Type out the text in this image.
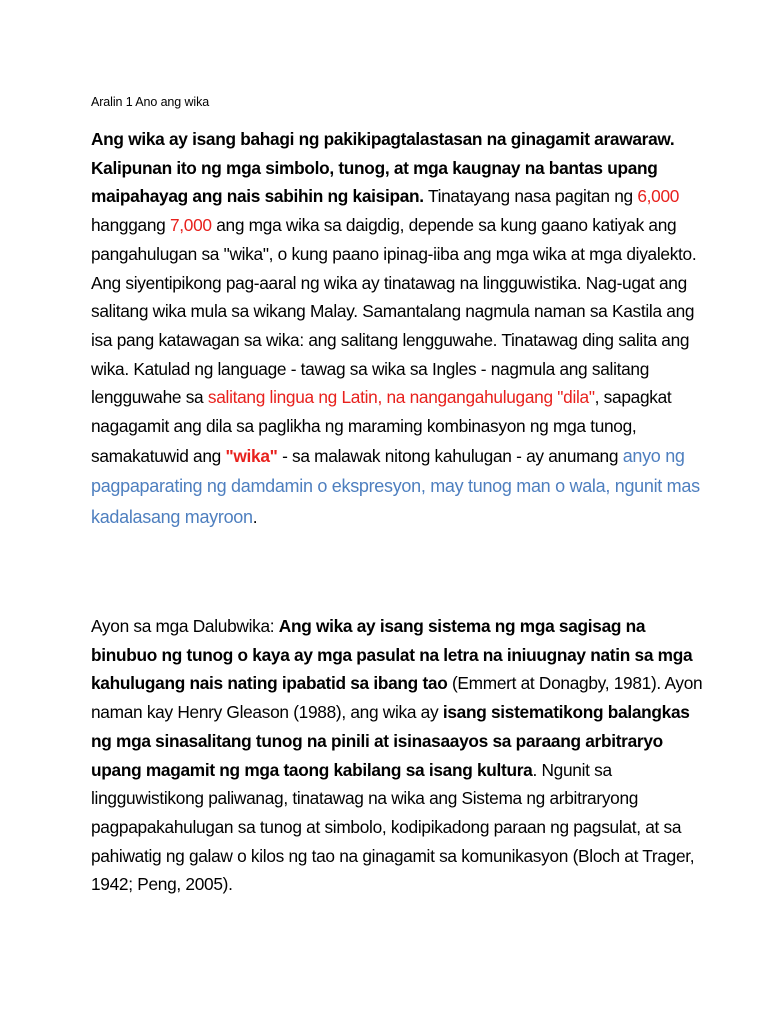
Aralin 1 Ano ang wika

Ang wika ay isang bahagi ng pakikipagtalastasan na ginagamit arawaraw. Kalipunan ito ng mga simbolo, tunog, at mga kaugnay na bantas upang maipahayag ang nais sabihin ng kaisipan. Tinatayang nasa pagitan ng 6,000 hanggang 7,000 ang mga wika sa daigdig, depende sa kung gaano katiyak ang pangahulugan sa "wika", o kung paano ipinag-iiba ang mga wika at mga diyalekto. Ang siyentipikong pag-aaral ng wika ay tinatawag na lingguwistika. Nag-ugat ang salitang wika mula sa wikang Malay. Samantalang nagmula naman sa Kastila ang isa pang katawagan sa wika: ang salitang lengguwahe. Tinatawag ding salita ang wika. Katulad ng language - tawag sa wika sa Ingles - nagmula ang salitang lengguwahe sa salitang lingua ng Latin, na nangangahulugang "dila", sapagkat nagagamit ang dila sa paglikha ng maraming kombinasyon ng mga tunog, samakatuwid ang "wika" - sa malawak nitong kahulugan - ay anumang anyo ng pagpaparating ng damdamin o ekspresyon, may tunog man o wala, ngunit mas kadalasang mayroon.

Ayon sa mga Dalubwika: Ang wika ay isang sistema ng mga sagisag na binubuo ng tunog o kaya ay mga pasulat na letra na iniuugnay natin sa mga kahulugang nais nating ipabatid sa ibang tao (Emmert at Donagby, 1981). Ayon naman kay Henry Gleason (1988), ang wika ay isang sistematikong balangkas ng mga sinasalitang tunog na pinili at isinasaayos sa paraang arbitraryo upang magamit ng mga taong kabilang sa isang kultura. Ngunit sa lingguwistikong paliwanag, tinatawag na wika ang Sistema ng arbitraryong pagpapakahulugan sa tunog at simbolo, kodipikadong paraan ng pagsulat, at sa pahiwatig ng galaw o kilos ng tao na ginagamit sa komunikasyon (Bloch at Trager, 1942; Peng, 2005).
